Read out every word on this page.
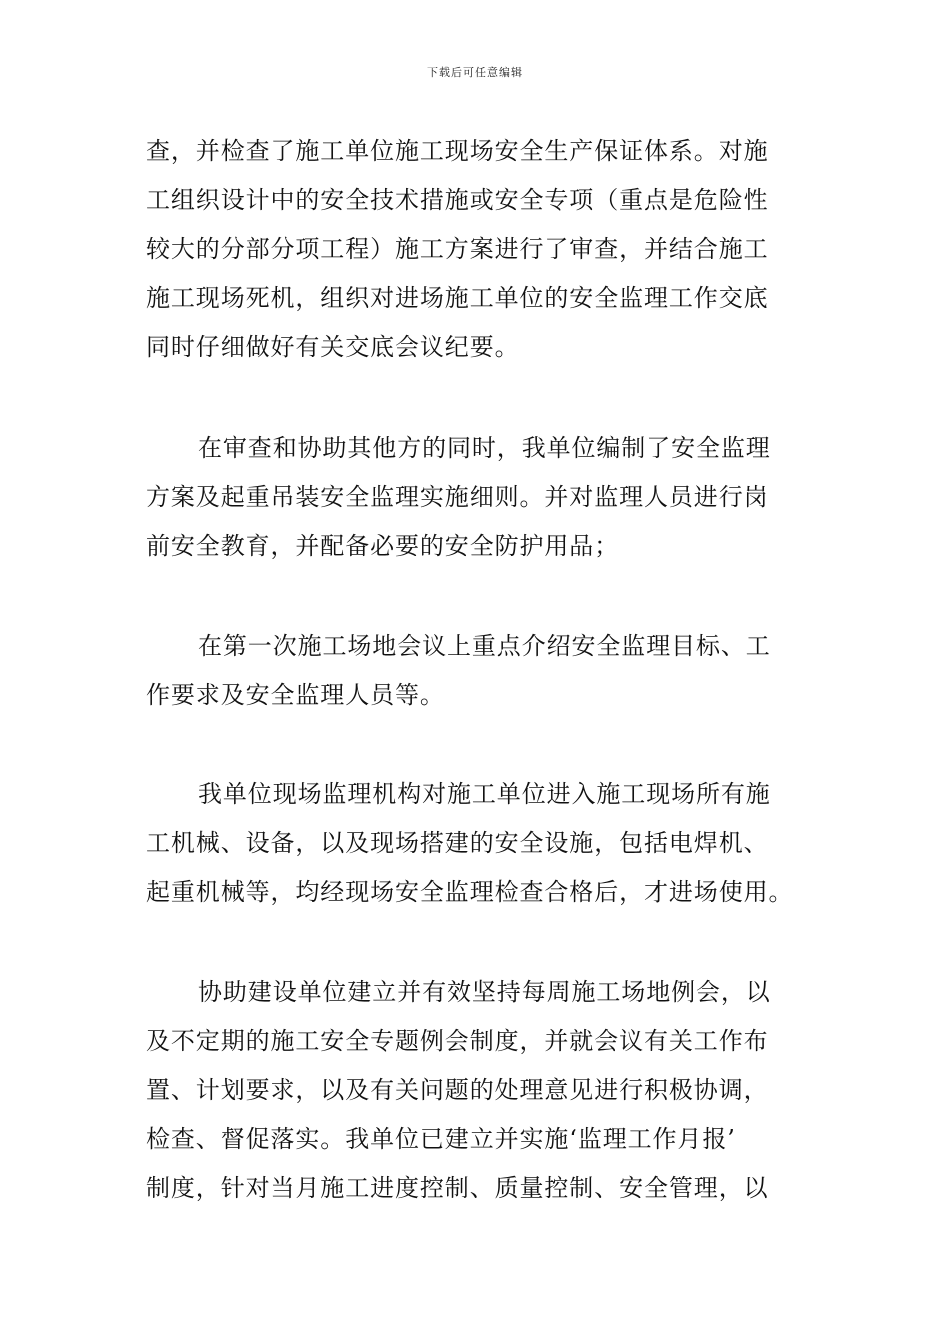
下载后可任意编辑
查，并检查了施工单位施工现场安全生产保证体系。对施
工组织设计中的安全技术措施或安全专项（重点是危险性
较大的分部分项工程）施工方案进行了审查，并结合施工
施工现场死机，组织对进场施工单位的安全监理工作交底
同时仔细做好有关交底会议纪要。
在审查和协助其他方的同时，我单位编制了安全监理
方案及起重吊装安全监理实施细则。并对监理人员进行岗
前安全教育，并配备必要的安全防护用品；
在第一次施工场地会议上重点介绍安全监理目标、工
作要求及安全监理人员等。
我单位现场监理机构对施工单位进入施工现场所有施
工机械、设备，以及现场搭建的安全设施，包括电焊机、
起重机械等，均经现场安全监理检查合格后，才进场使用。
协助建设单位建立并有效坚持每周施工场地例会，以
及不定期的施工安全专题例会制度，并就会议有关工作布
置、计划要求，以及有关问题的处理意见进行积极协调，
检查、督促落实。我单位已建立并实施‘监理工作月报’
制度，针对当月施工进度控制、质量控制、安全管理，以
